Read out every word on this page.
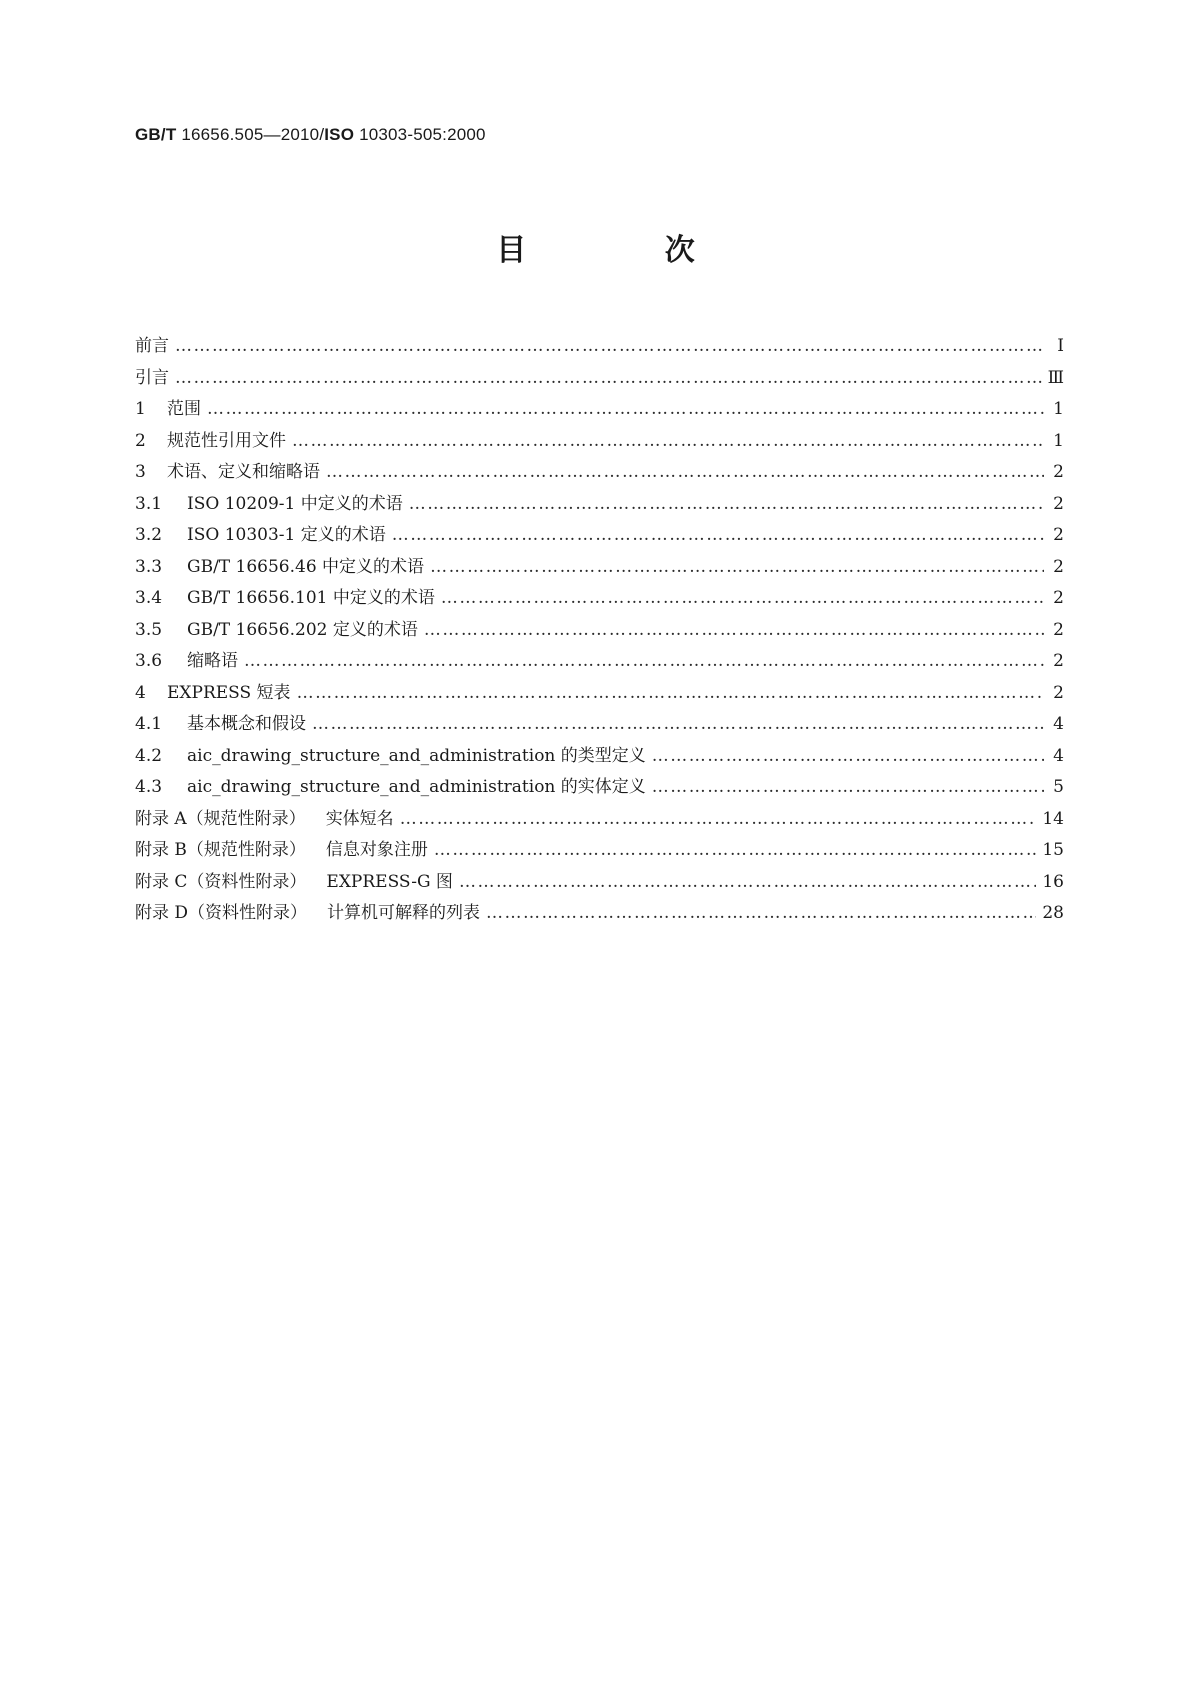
GB/T 16656.505—2010/ISO 10303-505:2000
目 次
前言 ………………………………………………………………………………………………………………………………………………………………………………………………………………	Ⅰ
引言 ………………………………………………………………………………………………………………………………………………………………………………………………………………	Ⅲ
1	范围 ………………………………………………………………………………………………………………………………………………………………………………………………………………	1
2	规范性引用文件 ………………………………………………………………………………………………………………………………………………………………………………………………………………	1
3	术语、定义和缩略语 ………………………………………………………………………………………………………………………………………………………………………………………………………………	2
3.1	ISO 10209-1 中定义的术语 ………………………………………………………………………………………………………………………………………………………………………………………………………………	2
3.2	ISO 10303-1 定义的术语 ………………………………………………………………………………………………………………………………………………………………………………………………………………	2
3.3	GB/T 16656.46 中定义的术语 ………………………………………………………………………………………………………………………………………………………………………………………………………………	2
3.4	GB/T 16656.101 中定义的术语 ………………………………………………………………………………………………………………………………………………………………………………………………………………	2
3.5	GB/T 16656.202 定义的术语 ………………………………………………………………………………………………………………………………………………………………………………………………………………	2
3.6	缩略语 ………………………………………………………………………………………………………………………………………………………………………………………………………………	2
4	EXPRESS 短表 ………………………………………………………………………………………………………………………………………………………………………………………………………………	2
4.1	基本概念和假设 ………………………………………………………………………………………………………………………………………………………………………………………………………………	4
4.2	aic_drawing_structure_and_administration 的类型定义 ………………………………………………………………………………………………………………………………………………………………………………………………………………	4
4.3	aic_drawing_structure_and_administration 的实体定义 ………………………………………………………………………………………………………………………………………………………………………………………………………………	5
附录 A（规范性附录） 实体短名 ………………………………………………………………………………………………………………………………………………………………………………………………………………	14
附录 B（规范性附录） 信息对象注册 ………………………………………………………………………………………………………………………………………………………………………………………………………………	15
附录 C（资料性附录） EXPRESS-G 图 ………………………………………………………………………………………………………………………………………………………………………………………………………………	16
附录 D（资料性附录） 计算机可解释的列表 ………………………………………………………………………………………………………………………………………………………………………………………………………………	28
